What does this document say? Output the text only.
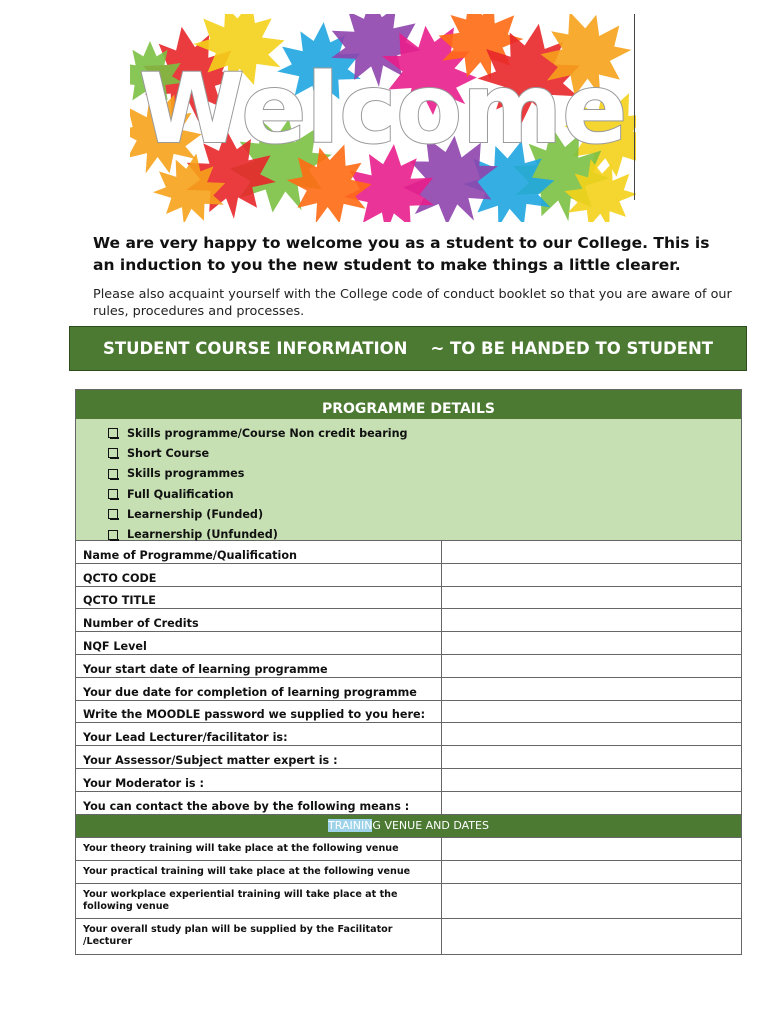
Welcome
We are very happy to welcome you as a student to our College. This is an induction to you the new student to make things a little clearer.
Please also acquaint yourself with the College code of conduct booklet so that you are aware of our rules, procedures and processes.
STUDENT COURSE INFORMATION    ~ TO BE HANDED TO STUDENT
PROGRAMME DETAILS
Skills programme/Course Non credit bearing
Short Course
Skills programmes
Full Qualification
Learnership (Funded)
Learnership (Unfunded)
Name of Programme/Qualification
QCTO CODE
QCTO TITLE
Number of Credits
NQF Level
Your start date of learning programme
Your due date for completion of learning programme
Write the MOODLE password we supplied to you here:
Your Lead Lecturer/facilitator is:
Your Assessor/Subject matter expert is :
Your Moderator is :
You can contact the above by the following means :
TRAININ G VENUE AND DATES
Your theory training will take place at the following venue
Your practical training will take place at the following venue
Your workplace experiential training will take place at the following venue
Your overall study plan will be supplied by the Facilitator /Lecturer
